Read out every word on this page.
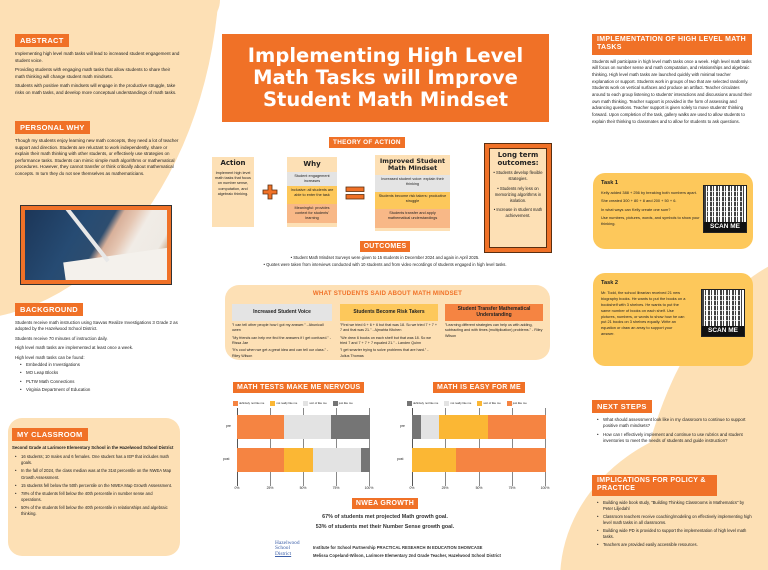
ABSTRACT

Implementing high level math tasks will lead to increased student engagement and student voice.

Providing students with engaging math tasks that allow students to share their math thinking will change student math mindsets.

Students with positive math mindsets will engage in the productive struggle, take risks on math tasks, and develop more conceptual understandings of math tasks.

PERSONAL WHY

Though my students enjoy learning new math concepts, they need a lot of teacher support and direction. Students are reluctant to work independently, share or explain their math thinking with other students, or effectively use strategies on performance tasks. Students can mimic simple math algorithms or mathematical procedures. However, they cannot transfer or think critically about mathematical concepts. In turn they do not see themselves as mathematicians.

BACKGROUND

Students receive math instruction using Savvas Realize Investigations 3 Grade 2 as adopted by the Hazelwood School District.

Students receive 70 minutes of instruction daily.

High level math tasks are implemented at least once a week.

High level math tasks can be found:

• Embedded in Investigations
• MO Leap Blocks
• PLTW Math Connections
• Virginia Department of Education
MY CLASSROOM

Second Grade at Larimore Elementary School in the Hazelwood School District

• 16 students; 10 males and 6 females. One student has a IEP that includes math goals.
• In the fall of 2024, the class median was at the 31st percentile on the NWEA Map Growth Assessment.
• 15 students fell below the 50th percentile on the NWEA Map Growth Assessment.
• 78% of the students fell below the 40th percentile in number sense and operations.
• 50% of the students fell below the 40th percentile in relationships and algebraic thinking.
Implementing High Level Math Tasks will Improve Student Math Mindset
THEORY OF ACTION
Action
Implement high level math tasks that focus on number sense, computation, and algebraic thinking.
Why
Student engagement increases
Inclusive: all students are able to enter the task
Meaningful: provides context for students' learning
Improved Student Math Mindset
Increased student voice: explain their thinking
Students become risk takers: productive struggle
Students transfer and apply mathematical understandings
Long term outcomes:
• Students develop flexible strategies.
• Students rely less on memorizing algorithms in isolation.
• Increase in student math achievement.
OUTCOMES
• Student Math Mindset Surveys were given to 15 students in December 2024 and again in April 2025.
• Quotes were taken from interviews conducted with 10 students and from video recordings of students engaged in high level tasks.
WHAT STUDENTS SAID ABOUT MATH MINDSET
Increased Student Voice

"I can tell other people how I got my answer." - Abunicall owen

"My friends can help me find the answers if I get confused." - Rissa Jae

"It's cool when we get a great idea and can tell our class." - Riley Wilson

Students Become Risk Takers

"First we tried 6 + 6 + 6 but that was 18. So we tried 7 + 7 + 7 and that was 21." - Ajmahta Kitchen

"We drew 6 books on each shelf but that was 18. So we tried 7 and 7 + 7 + 7 equaled 21." - Landen Quinn

"I get smarter trying to solve problems that are hard." - Julius Thomas

Student Transfer Mathematical Understanding

"Learning different strategies can help us with adding, subtracting and with times (multiplication) problems." - Riley Wilson

MATH TESTS MAKE ME NERVOUS
definitely not like me	not really like me	sort of like me	just like me
pre
post
0%	25%	50%	75%	100%
MATH IS EASY FOR ME
definitely not like me	not really like me	sort of like me	just like me
pre
post
0%	25%	50%	75%	100%
NWEA GROWTH
67% of students met projected Math growth goal.
53% of students met their Number Sense growth goal.
Hazelwood
School
District
Institute for School Partnership PRACTICAL RESEARCH IN EDUCATION SHOWCASE
Melissa Copeland-Wilson, Larimore Elementary 2nd Grade Teacher, Hazelwood School District
IMPLEMENTATION OF HIGH LEVEL MATH TASKS

Students will participate in high level math tasks once a week. High level math tasks will focus on number sense and math computation, and relationships and algebraic thinking. High level math tasks are launched quickly with minimal teacher explanation or support. Students work in groups of two that are selected randomly. Students work on vertical surfaces and produce an artifact. Teacher circulates around to each group listening to students' interactions and discussions around their own math thinking. Teacher support is provided in the form of assessing and advancing questions. Teacher support is given solely to move students' thinking forward. Upon completion of the task, gallery walks are used to allow students to explain their thinking to classmates and to allow for students to ask questions.

Task 1

Kelly added 388 + 256 by breaking both numbers apart.

She created 300 + 80 + 8 and 200 + 50 + 6.

In what ways can Kelly create one sum?

Use numbers, pictures, words, and symbols to show your thinking.	SCAN ME
Task 2

Mr. Todd, the school librarian received 21 new biography books. He wants to put the books on a bookshelf with 3 shelves. He wants to put the same number of books on each shelf. Use pictures, numbers, or words to show how he can put 21 books on 3 shelves equally. Write an equation or draw an array to support your answer.	SCAN ME
NEXT STEPS
• What should assessment look like in my classroom to continue to support positive math mindsets?
• How can I effectively implement and continue to use rubrics and student inventories to meet the needs of students and guide instruction?
IMPLICATIONS FOR POLICY & PRACTICE
• Building wide book study, "Building Thinking Classrooms in Mathematics" by Peter Liljedahl
• Classroom teachers receive coaching/modeling on effectively implementing high level math tasks in all classrooms.
• Building wide PD is provided to support the implementation of high level math tasks.
• Teachers are provided easily accessible resources.
